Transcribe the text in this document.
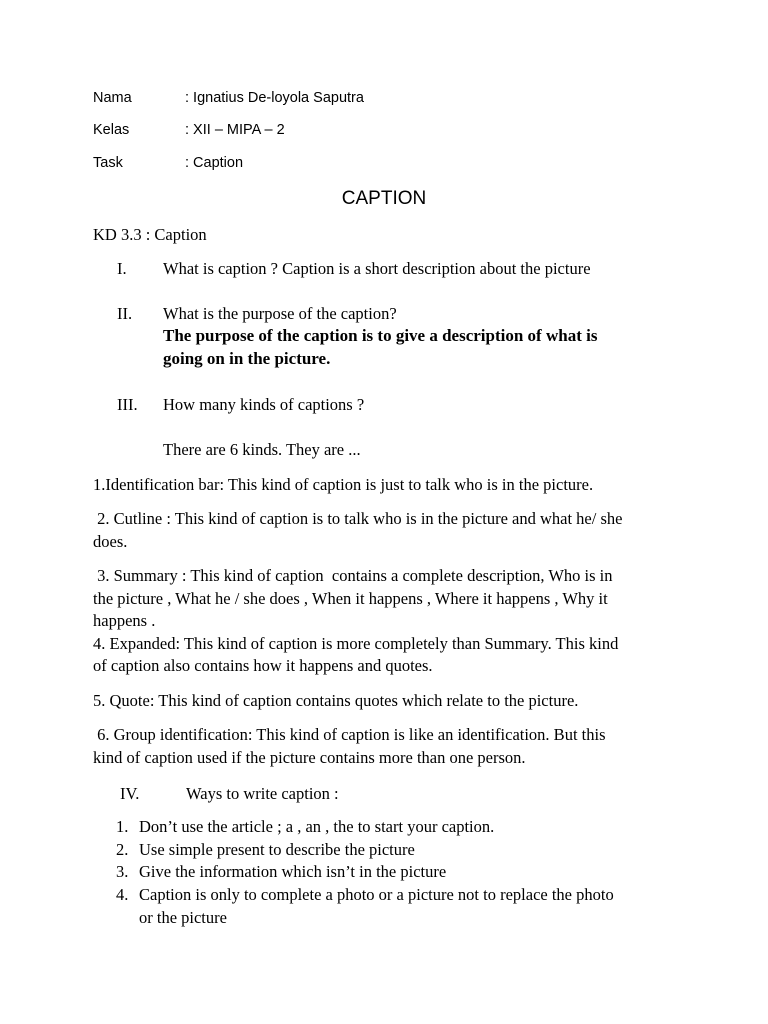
Nama	: Ignatius De-loyola Saputra
Kelas	: XII – MIPA – 2
Task	: Caption
CAPTION
KD 3.3 : Caption
I. What is caption ? Caption is a short description about the picture
II. What is the purpose of the caption?
The purpose of the caption is to give a description of what is
going on in the picture.
III. How many kinds of captions ?
There are 6 kinds. They are ...
1.Identification bar: This kind of caption is just to talk who is in the picture.
2. Cutline : This kind of caption is to talk who is in the picture and what he/ she
does.
3. Summary : This kind of caption  contains a complete description, Who is in
the picture , What he / she does , When it happens , Where it happens , Why it
happens .
4. Expanded: This kind of caption is more completely than Summary. This kind
of caption also contains how it happens and quotes.
5. Quote: This kind of caption contains quotes which relate to the picture.
6. Group identification: This kind of caption is like an identification. But this
kind of caption used if the picture contains more than one person.
IV.	Ways to write caption :
1. Don’t use the article ; a , an , the to start your caption.
2. Use simple present to describe the picture
3. Give the information which isn’t in the picture
4. Caption is only to complete a photo or a picture not to replace the photo
or the picture
